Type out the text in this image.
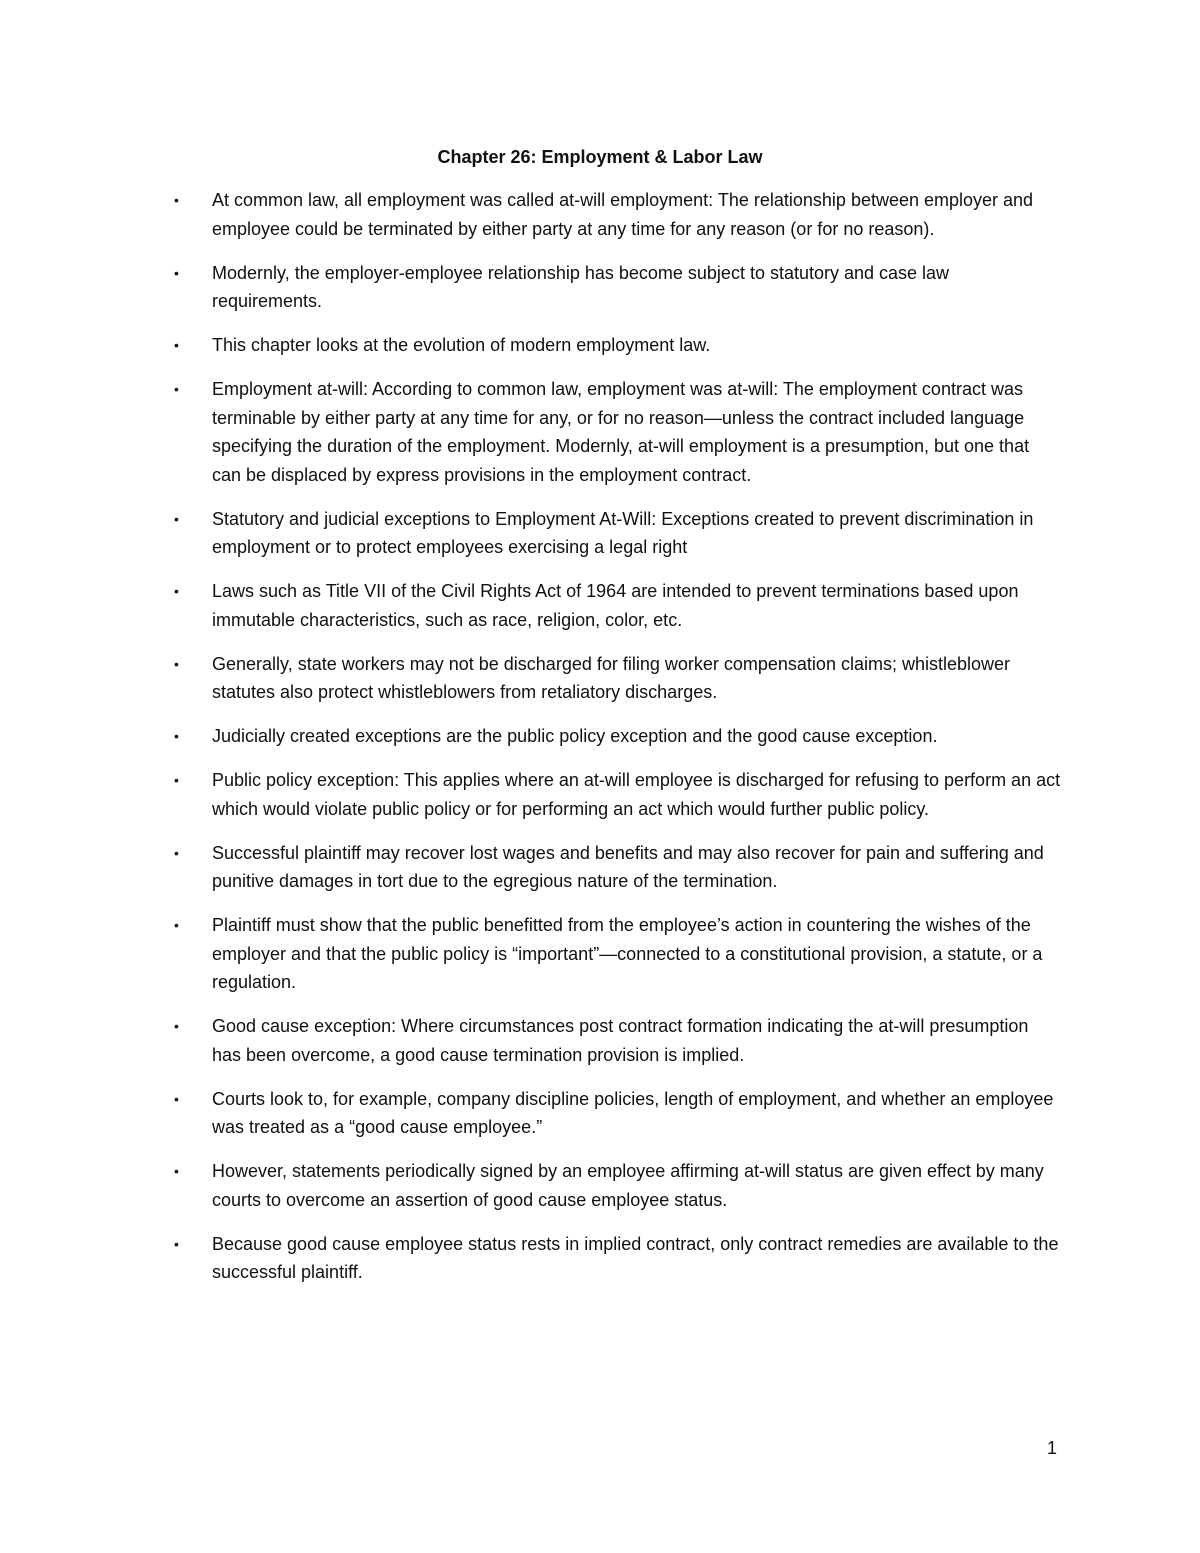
Chapter 26: Employment & Labor Law
• At common law, all employment was called at-will employment: The relationship between employer and employee could be terminated by either party at any time for any reason (or for no reason).
• Modernly, the employer-employee relationship has become subject to statutory and case law requirements.
• This chapter looks at the evolution of modern employment law.
• Employment at-will: According to common law, employment was at-will: The employment contract was terminable by either party at any time for any, or for no reason—unless the contract included language specifying the duration of the employment. Modernly, at-will employment is a presumption, but one that can be displaced by express provisions in the employment contract.
• Statutory and judicial exceptions to Employment At-Will: Exceptions created to prevent discrimination in employment or to protect employees exercising a legal right
• Laws such as Title VII of the Civil Rights Act of 1964 are intended to prevent terminations based upon immutable characteristics, such as race, religion, color, etc.
• Generally, state workers may not be discharged for filing worker compensation claims; whistleblower statutes also protect whistleblowers from retaliatory discharges.
• Judicially created exceptions are the public policy exception and the good cause exception.
• Public policy exception: This applies where an at-will employee is discharged for refusing to perform an act which would violate public policy or for performing an act which would further public policy.
• Successful plaintiff may recover lost wages and benefits and may also recover for pain and suffering and punitive damages in tort due to the egregious nature of the termination.
• Plaintiff must show that the public benefitted from the employee’s action in countering the wishes of the employer and that the public policy is “important”—connected to a constitutional provision, a statute, or a regulation.
• Good cause exception: Where circumstances post contract formation indicating the at-will presumption has been overcome, a good cause termination provision is implied.
• Courts look to, for example, company discipline policies, length of employment, and whether an employee was treated as a “good cause employee.”
• However, statements periodically signed by an employee affirming at-will status are given effect by many courts to overcome an assertion of good cause employee status.
• Because good cause employee status rests in implied contract, only contract remedies are available to the successful plaintiff.
1
